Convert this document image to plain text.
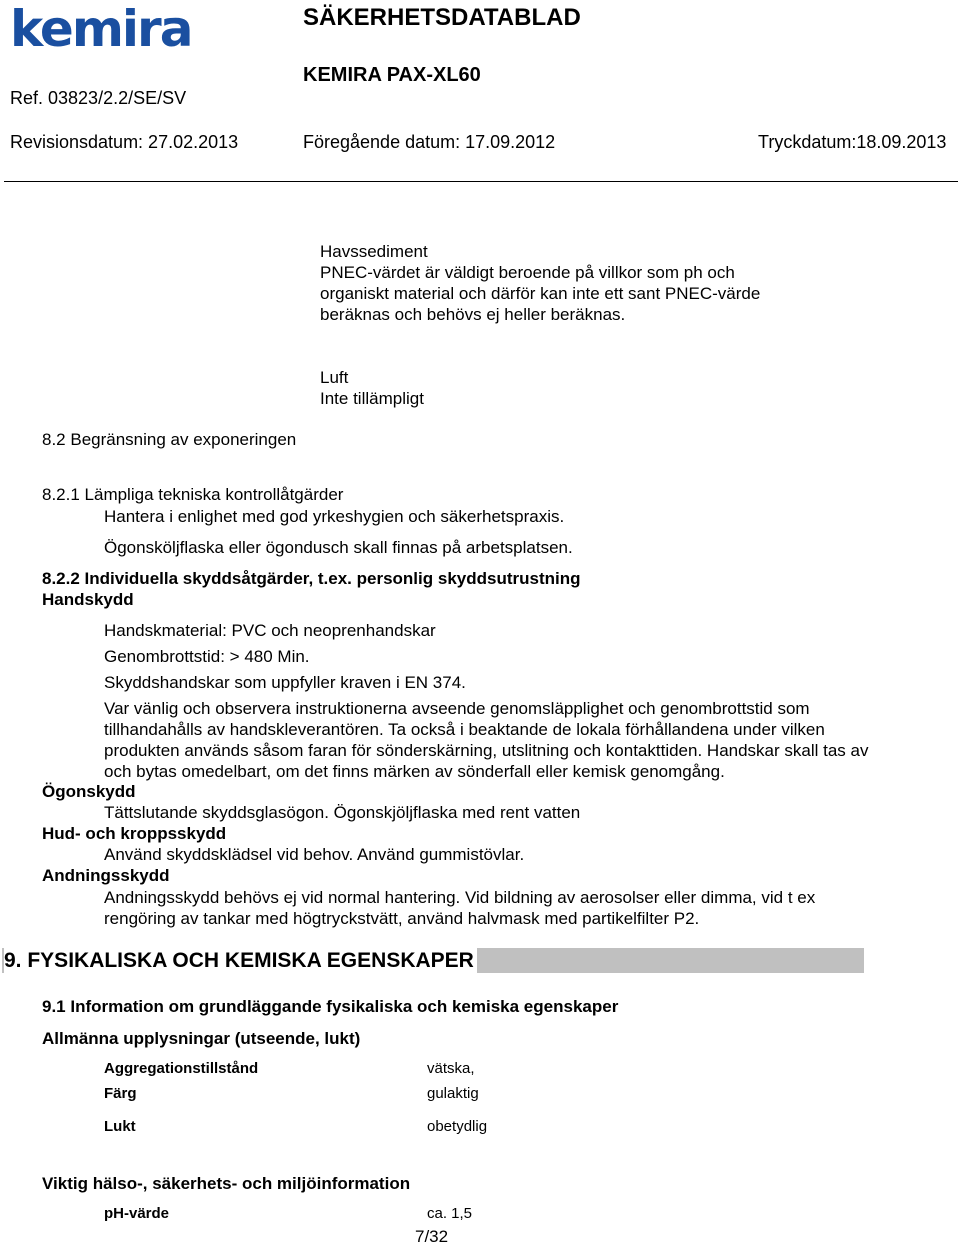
kemira	SÄKERHETSDATABLAD
KEMIRA PAX-XL60
Ref. 03823/2.2/SE/SV
Revisionsdatum: 27.02.2013	Föregående datum: 17.09.2012	Tryckdatum:18.09.2013
Havssediment
PNEC-värdet är väldigt beroende på villkor som ph och
organiskt material och därför kan inte ett sant PNEC-värde
beräknas och behövs ej heller beräknas.
Luft
Inte tillämpligt
8.2 Begränsning av exponeringen
8.2.1 Lämpliga tekniska kontrollåtgärder
Hantera i enlighet med god yrkeshygien och säkerhetspraxis.
Ögonsköljflaska eller ögondusch skall finnas på arbetsplatsen.
8.2.2 Individuella skyddsåtgärder, t.ex. personlig skyddsutrustning
Handskydd
Handskmaterial: PVC och neoprenhandskar
Genombrottstid: > 480 Min.
Skyddshandskar som uppfyller kraven i EN 374.
Var vänlig och observera instruktionerna avseende genomsläpplighet och genombrottstid som
tillhandahålls av handskleverantören. Ta också i beaktande de lokala förhållandena under vilken
produkten används såsom faran för sönderskärning, utslitning och kontakttiden. Handskar skall tas av
och bytas omedelbart, om det finns märken av sönderfall eller kemisk genomgång.
Ögonskydd
Tättslutande skyddsglasögon. Ögonskjöljflaska med rent vatten
Hud- och kroppsskydd
Använd skyddsklädsel vid behov. Använd gummistövlar.
Andningsskydd
Andningsskydd behövs ej vid normal hantering. Vid bildning av aerosolser eller dimma, vid t ex
rengöring av tankar med högtryckstvätt, använd halvmask med partikelfilter P2.
9. FYSIKALISKA OCH KEMISKA EGENSKAPER
9.1 Information om grundläggande fysikaliska och kemiska egenskaper
Allmänna upplysningar (utseende, lukt)
Aggregationstillstånd	vätska,
Färg	gulaktig
Lukt	obetydlig
Viktig hälso-, säkerhets- och miljöinformation
pH-värde	ca. 1,5
7/32
